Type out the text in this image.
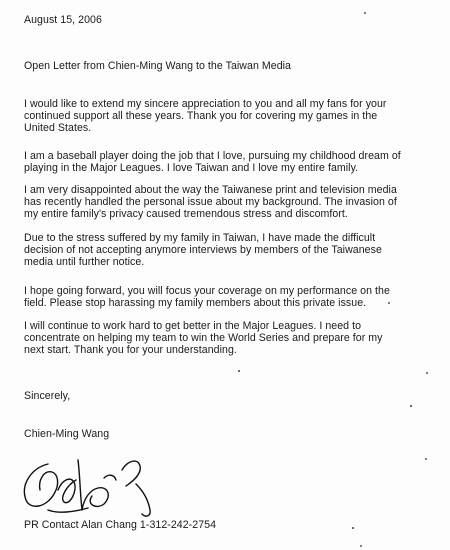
August 15, 2006

Open Letter from Chien-Ming Wang to the Taiwan Media

I would like to extend my sincere appreciation to you and all my fans for your
continued support all these years. Thank you for covering my games in the
United States.
I am a baseball player doing the job that I love, pursuing my childhood dream of
playing in the Major Leagues. I love Taiwan and I love my entire family.
I am very disappointed about the way the Taiwanese print and television media
has recently handled the personal issue about my background. The invasion of
my entire family's privacy caused tremendous stress and discomfort.
Due to the stress suffered by my family in Taiwan, I have made the difficult
decision of not accepting anymore interviews by members of the Taiwanese
media until further notice.
I hope going forward, you will focus your coverage on my performance on the
field. Please stop harassing my family members about this private issue.
I will continue to work hard to get better in the Major Leagues. I need to
concentrate on helping my team to win the World Series and prepare for my
next start. Thank you for your understanding.

Sincerely,

Chien-Ming Wang

PR Contact Alan Chang 1-312-242-2754
